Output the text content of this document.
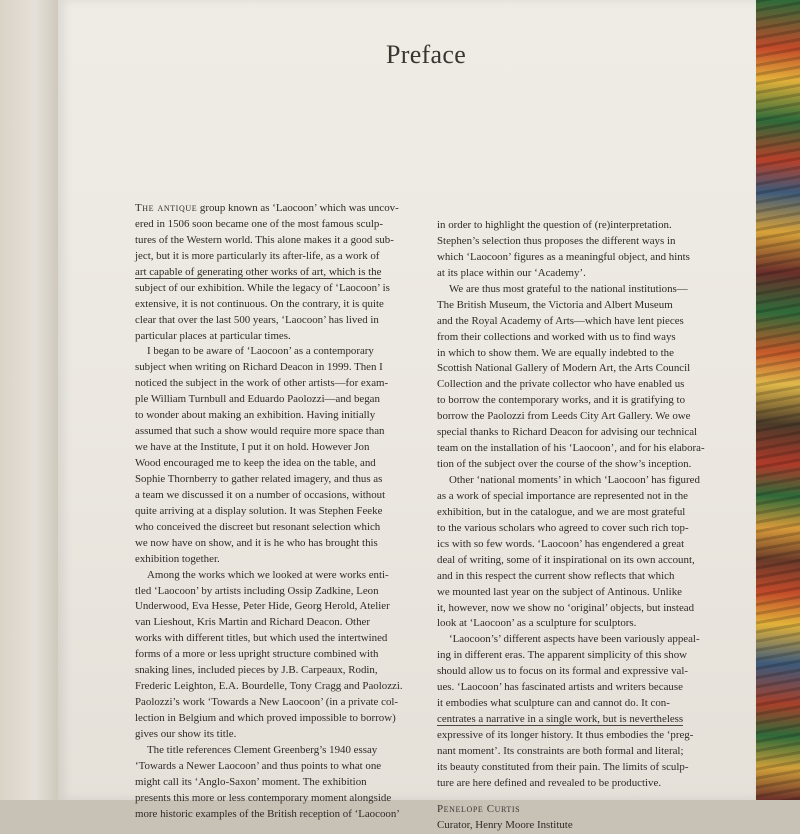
Preface
The antique group known as ‘Laocoon’ which was uncov-
ered in 1506 soon became one of the most famous sculp-
tures of the Western world. This alone makes it a good sub-
ject, but it is more particularly its after-life, as a work of
art capable of generating other works of art, which is the
subject of our exhibition. While the legacy of ‘Laocoon’ is
extensive, it is not continuous. On the contrary, it is quite
clear that over the last 500 years, ‘Laocoon’ has lived in
particular places at particular times.
I began to be aware of ‘Laocoon’ as a contemporary
subject when writing on Richard Deacon in 1999. Then I
noticed the subject in the work of other artists—for exam-
ple William Turnbull and Eduardo Paolozzi—and began
to wonder about making an exhibition. Having initially
assumed that such a show would require more space than
we have at the Institute, I put it on hold. However Jon
Wood encouraged me to keep the idea on the table, and
Sophie Thornberry to gather related imagery, and thus as
a team we discussed it on a number of occasions, without
quite arriving at a display solution. It was Stephen Feeke
who conceived the discreet but resonant selection which
we now have on show, and it is he who has brought this
exhibition together.
Among the works which we looked at were works enti-
tled ‘Laocoon’ by artists including Ossip Zadkine, Leon
Underwood, Eva Hesse, Peter Hide, Georg Herold, Atelier
van Lieshout, Kris Martin and Richard Deacon. Other
works with different titles, but which used the intertwined
forms of a more or less upright structure combined with
snaking lines, included pieces by J.B. Carpeaux, Rodin,
Frederic Leighton, E.A. Bourdelle, Tony Cragg and Paolozzi.
Paolozzi’s work ‘Towards a New Laocoon’ (in a private col-
lection in Belgium and which proved impossible to borrow)
gives our show its title.
The title references Clement Greenberg’s 1940 essay
‘Towards a Newer Laocoon’ and thus points to what one
might call its ‘Anglo-Saxon’ moment. The exhibition
presents this more or less contemporary moment alongside
more historic examples of the British reception of ‘Laocoon’
in order to highlight the question of (re)interpretation.
Stephen’s selection thus proposes the different ways in
which ‘Laocoon’ figures as a meaningful object, and hints
at its place within our ‘Academy’.
We are thus most grateful to the national institutions—
The British Museum, the Victoria and Albert Museum
and the Royal Academy of Arts—which have lent pieces
from their collections and worked with us to find ways
in which to show them. We are equally indebted to the
Scottish National Gallery of Modern Art, the Arts Council
Collection and the private collector who have enabled us
to borrow the contemporary works, and it is gratifying to
borrow the Paolozzi from Leeds City Art Gallery. We owe
special thanks to Richard Deacon for advising our technical
team on the installation of his ‘Laocoon’, and for his elabora-
tion of the subject over the course of the show’s inception.
Other ‘national moments’ in which ‘Laocoon’ has figured
as a work of special importance are represented not in the
exhibition, but in the catalogue, and we are most grateful
to the various scholars who agreed to cover such rich top-
ics with so few words. ‘Laocoon’ has engendered a great
deal of writing, some of it inspirational on its own account,
and in this respect the current show reflects that which
we mounted last year on the subject of Antinous. Unlike
it, however, now we show no ‘original’ objects, but instead
look at ‘Laocoon’ as a sculpture for sculptors.
‘Laocoon’s’ different aspects have been variously appeal-
ing in different eras. The apparent simplicity of this show
should allow us to focus on its formal and expressive val-
ues. ‘Laocoon’ has fascinated artists and writers because
it embodies what sculpture can and cannot do. It con-
centrates a narrative in a single work, but is nevertheless
expressive of its longer history. It thus embodies the ‘preg-
nant moment’. Its constraints are both formal and literal;
its beauty constituted from their pain. The limits of sculp-
ture are here defined and revealed to be productive.
Penelope Curtis
Curator, Henry Moore Institute
